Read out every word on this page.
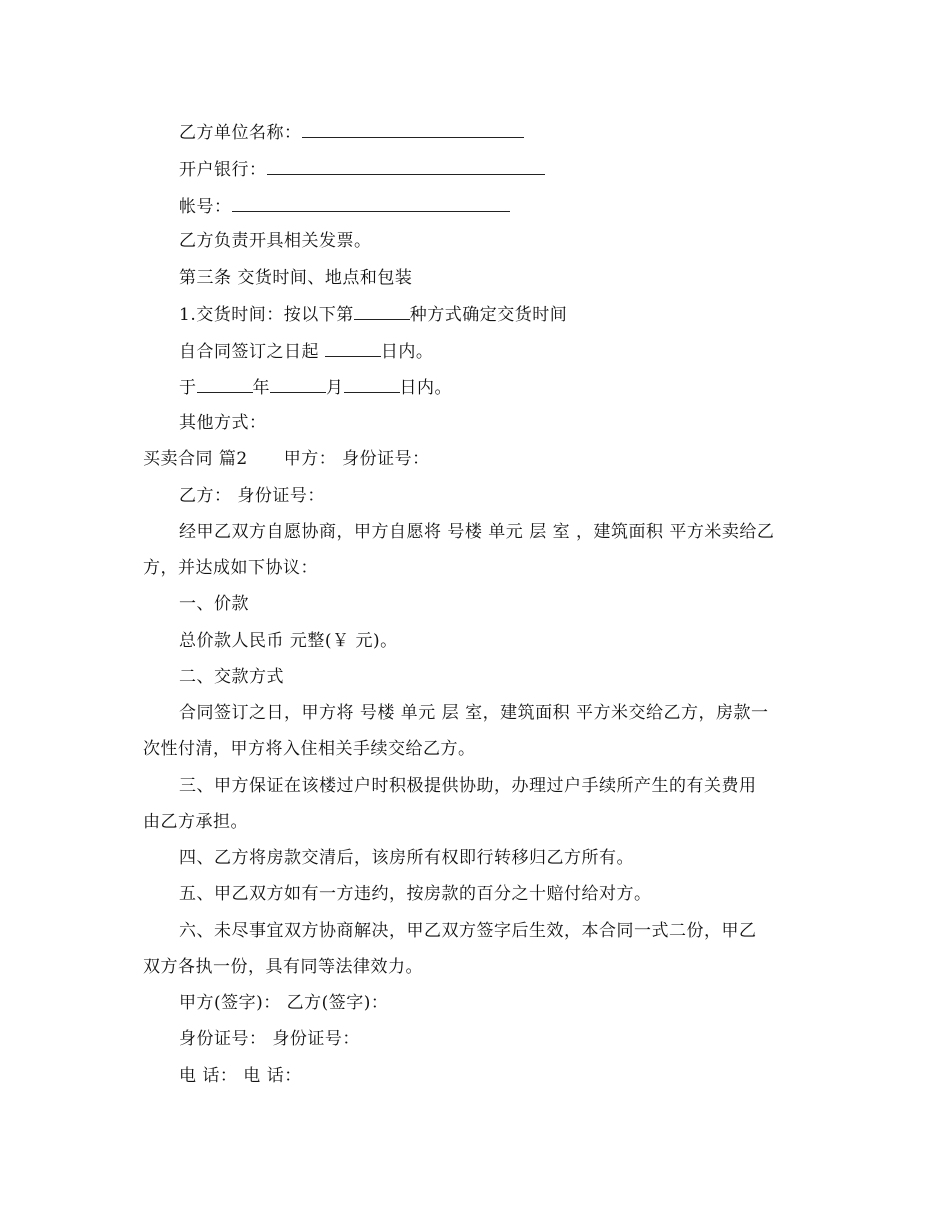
乙方单位名称：
开户银行：
帐号：
乙方负责开具相关发票。
第三条 交货时间、地点和包装
1.交货时间：按以下第	种方式确定交货时间
自合同签订之日起	日内。
于	年	月	日内。
其他方式：
买卖合同 篇2 甲方： 身份证号：
乙方： 身份证号：
经甲乙双方自愿协商，甲方自愿将 号楼 单元 层 室 ，建筑面积 平方米卖给乙
方，并达成如下协议：
一、价款
总价款人民币 元整(￥ 元)。
二、交款方式
合同签订之日，甲方将 号楼 单元 层 室，建筑面积 平方米交给乙方，房款一
次性付清，甲方将入住相关手续交给乙方。
三、甲方保证在该楼过户时积极提供协助，办理过户手续所产生的有关费用
由乙方承担。
四、乙方将房款交清后，该房所有权即行转移归乙方所有。
五、甲乙双方如有一方违约，按房款的百分之十赔付给对方。
六、未尽事宜双方协商解决，甲乙双方签字后生效，本合同一式二份，甲乙
双方各执一份，具有同等法律效力。
甲方(签字)： 乙方(签字)：
身份证号： 身份证号：
电 话： 电 话：
